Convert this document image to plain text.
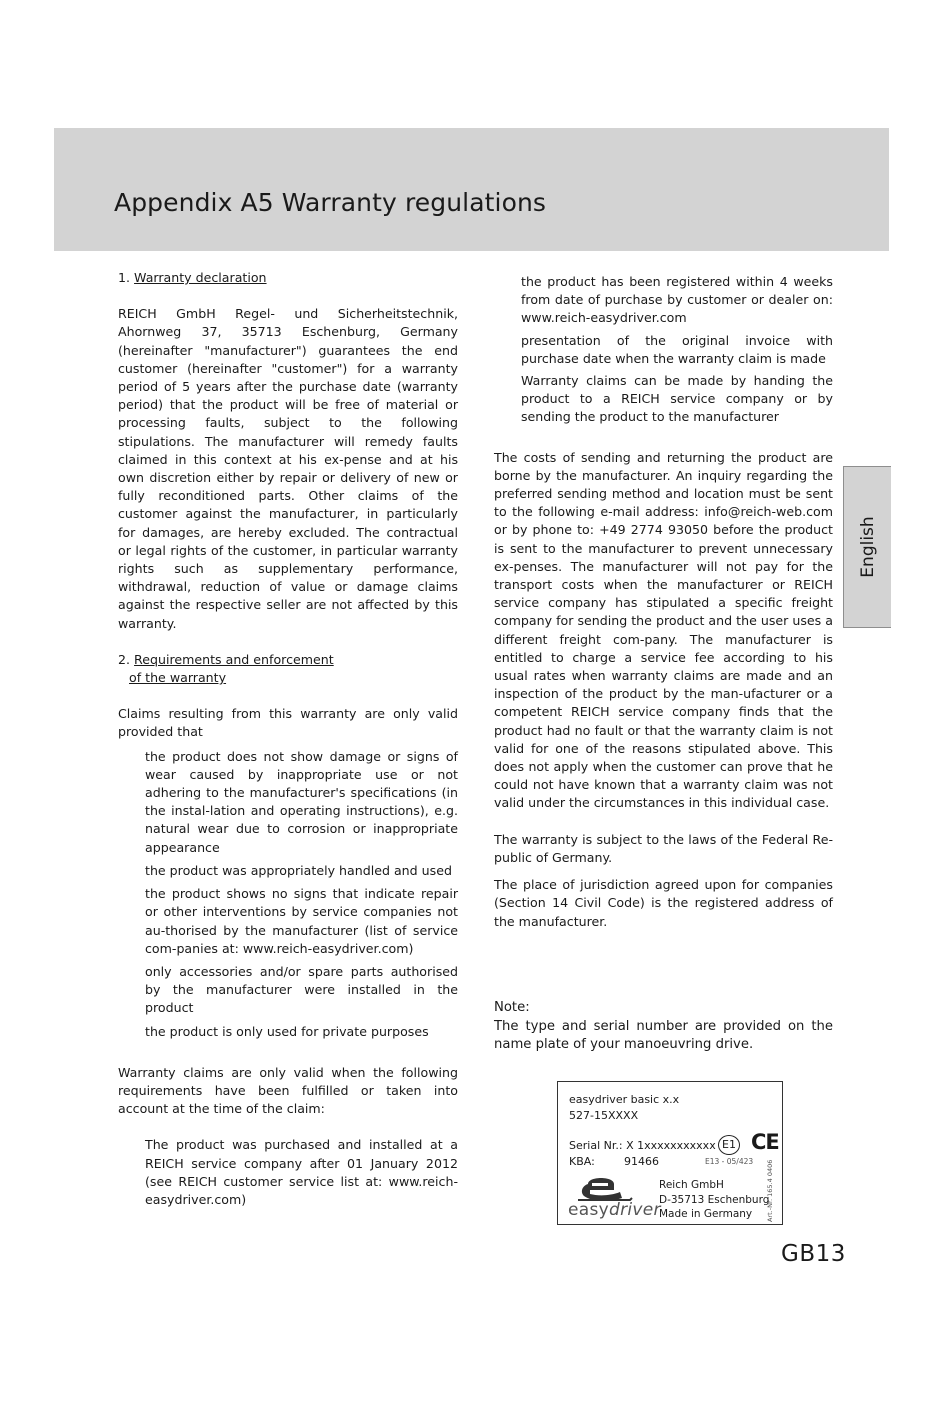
Appendix A5 Warranty regulations
English
1. Warranty declaration

REICH GmbH Regel- und Sicherheitstechnik, Ahornweg 37, 35713 Eschenburg, Germany (hereinafter "manufacturer") guarantees the end customer (hereinafter "customer") for a warranty period of 5 years after the purchase date (warranty period) that the product will be free of material or processing faults, subject to the following stipulations. The manufacturer will remedy faults claimed in this context at his ex-pense and at his own discretion either by repair or delivery of new or fully reconditioned parts. Other claims of the customer against the manufacturer, in particularly for damages, are hereby excluded. The contractual or legal rights of the customer, in particular warranty rights such as supplementary performance, withdrawal, reduction of value or damage claims against the respective seller are not affected by this warranty.

2. Requirements and enforcement
of the warranty

Claims resulting from this warranty are only valid provided that

the product does not show damage or signs of wear caused by inappropriate use or not adhering to the manufacturer's specifications (in the instal-lation and operating instructions), e.g. natural wear due to corrosion or inappropriate appearance
the product was appropriately handled and used
the product shows no signs that indicate repair or other interventions by service companies not au-thorised by the manufacturer (list of service com-panies at: www.reich-easydriver.com)
only accessories and/or spare parts authorised by the manufacturer were installed in the product
the product is only used for private purposes

Warranty claims are only valid when the following requirements have been fulfilled or taken into account at the time of the claim:

The product was purchased and installed at a REICH service company after 01 January 2012 (see REICH customer service list at: www.reich-easydriver.com)
the product has been registered within 4 weeks from date of purchase by customer or dealer on: www.reich-easydriver.com
presentation of the original invoice with purchase date when the warranty claim is made
Warranty claims can be made by handing the product to a REICH service company or by sending the product to the manufacturer

The costs of sending and returning the product are borne by the manufacturer. An inquiry regarding the preferred sending method and location must be sent to the following e-mail address: info@reich-web.com or by phone to: +49 2774 93050 before the product is sent to the manufacturer to prevent unnecessary ex-penses. The manufacturer will not pay for the transport costs when the manufacturer or REICH service company has stipulated a specific freight company for sending the product and the user uses a different freight com-pany. The manufacturer is entitled to charge a service fee according to his usual rates when warranty claims are made and an inspection of the product by the man-ufacturer or a competent REICH service company finds that the product had no fault or that the warranty claim is not valid for one of the reasons stipulated above. This does not apply when the customer can prove that he could not have known that a warranty claim was not valid under the circumstances in this individual case.

The warranty is subject to the laws of the Federal Re-public of Germany.

The place of jurisdiction agreed upon for companies (Section 14 Civil Code) is the registered address of the manufacturer.

Note:

The type and serial number are provided on the name plate of your manoeuvring drive.

easydriver basic x.x
527-15XXXX
Serial Nr.: X 1xxxxxxxxxxx
KBA:	91466	E13 - 05/423
E1 CE
easydriver
Reich GmbH
D-35713 Eschenburg
Made in Germany	Art.-Nr. 165.4 0406
GB13
